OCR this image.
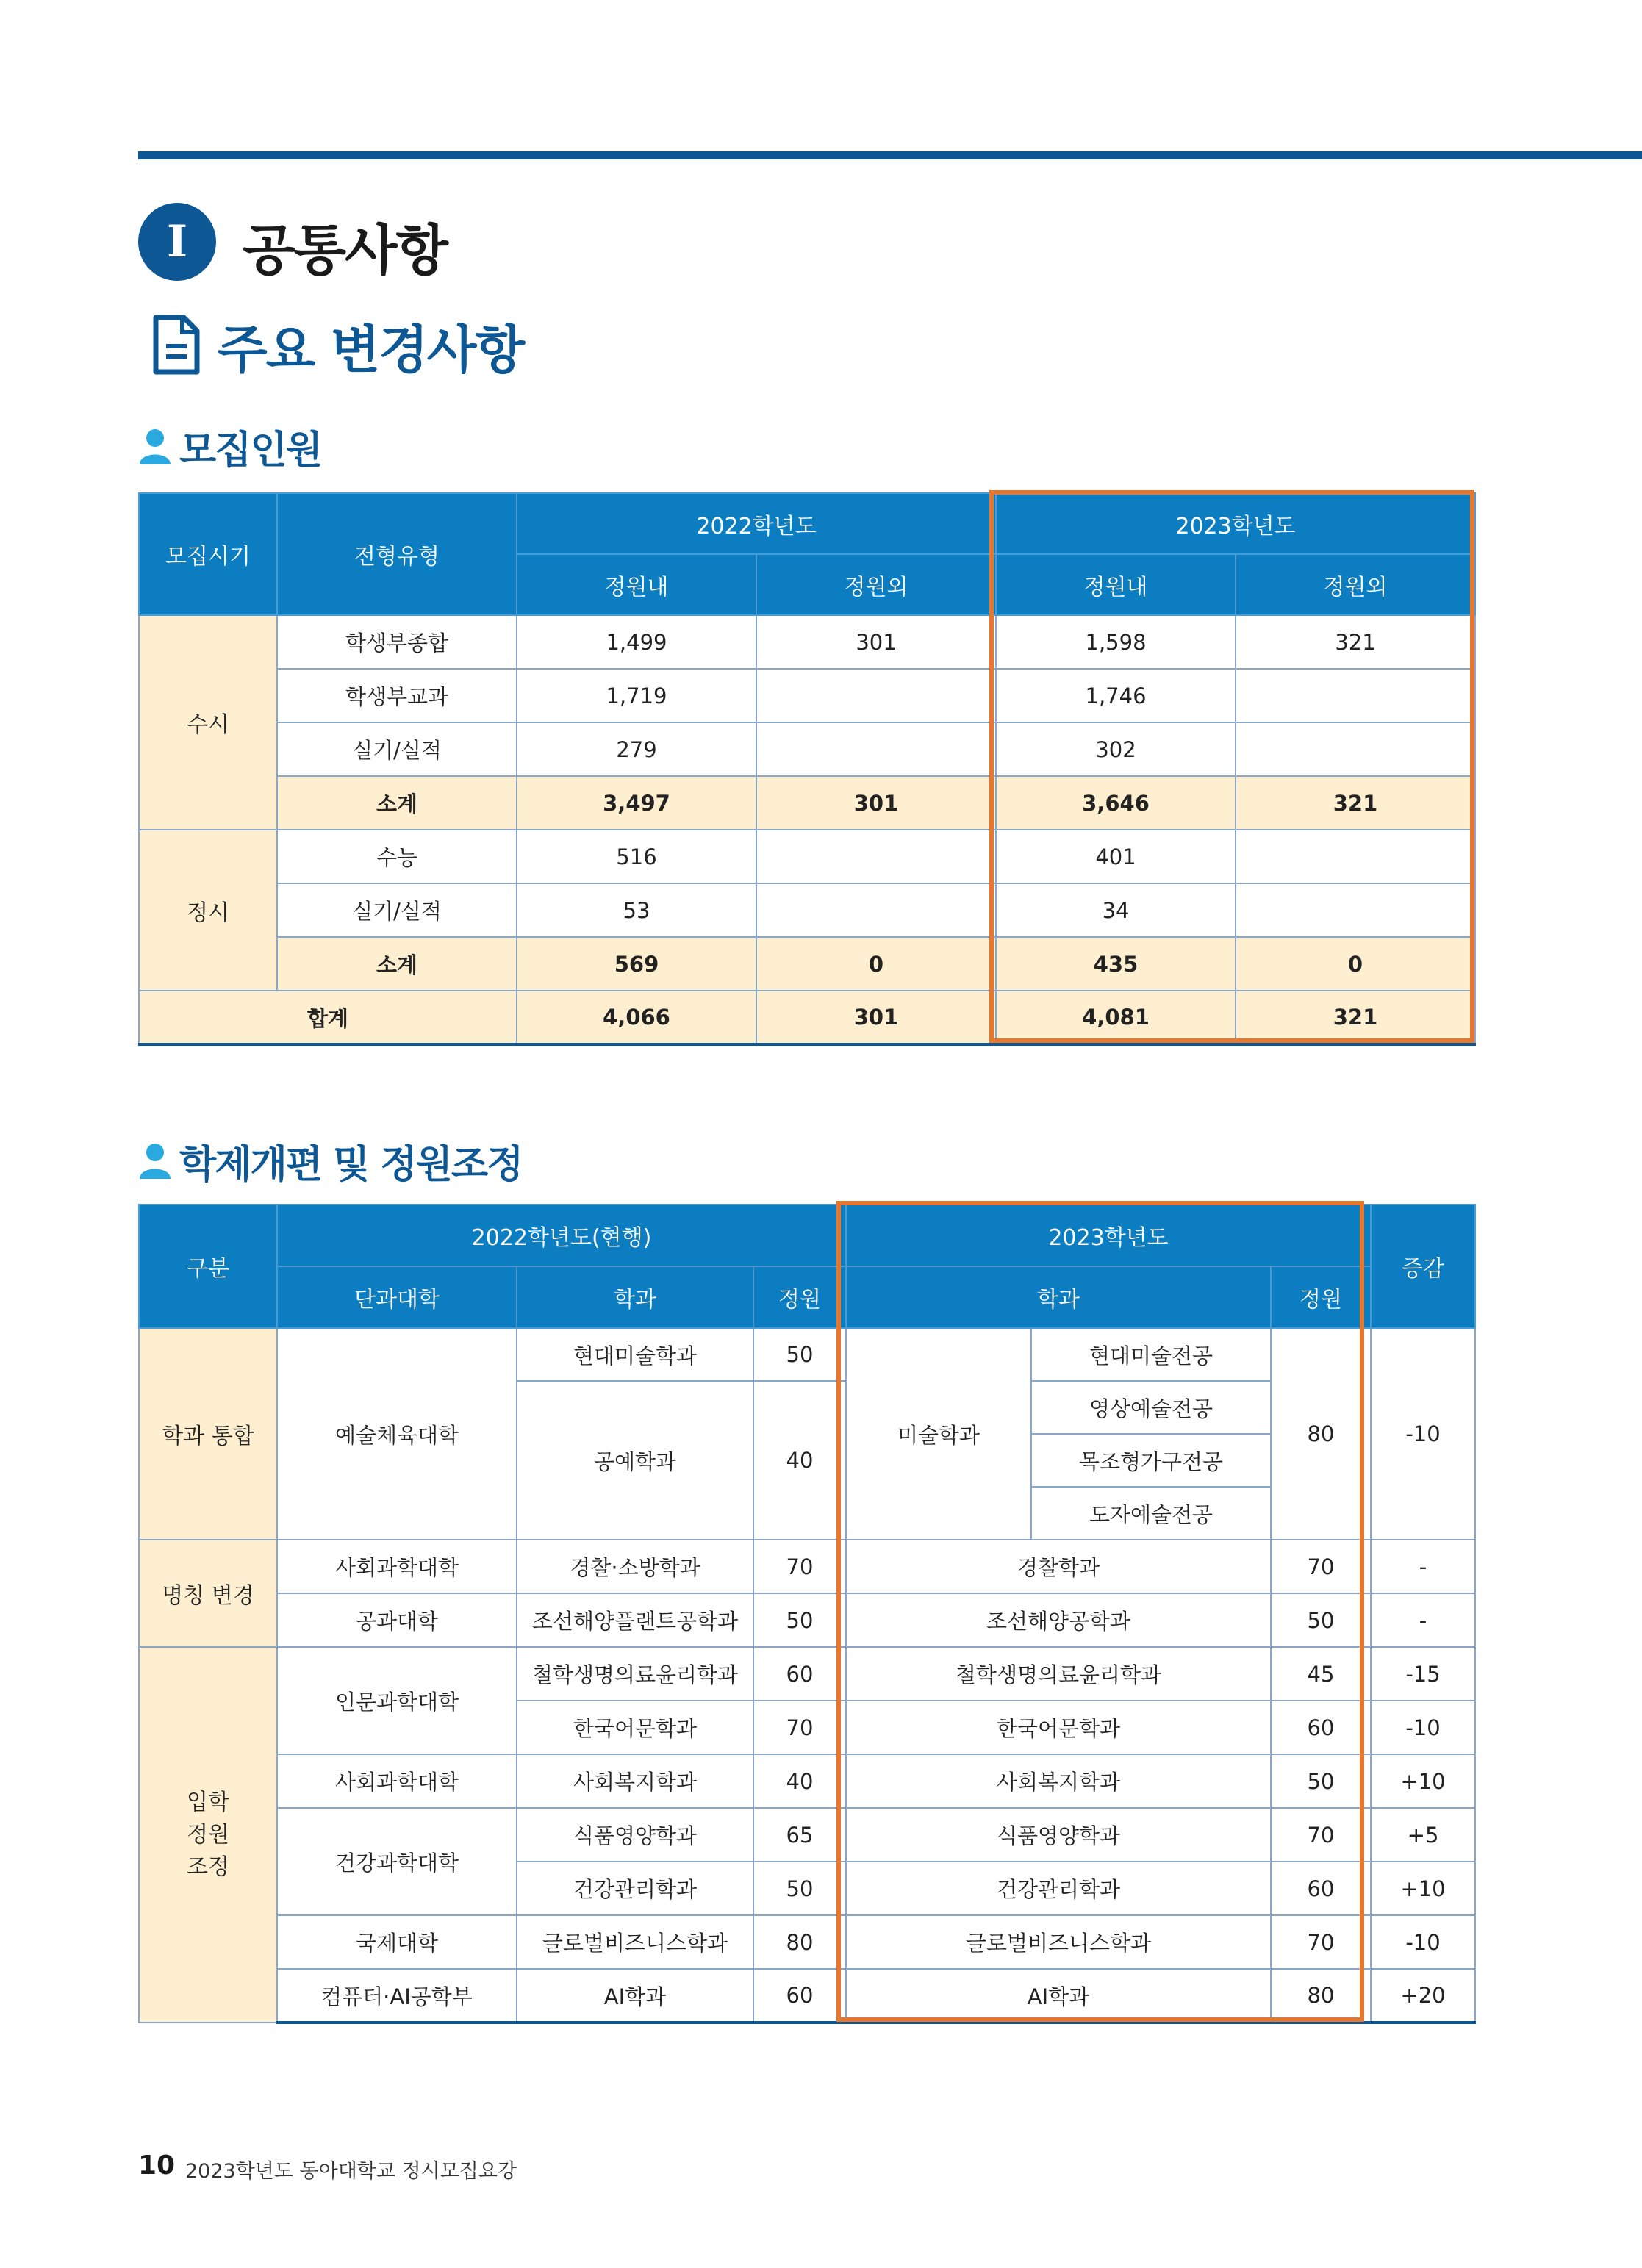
I	공통사항
주요 변경사항
모집인원
모집시기	전형유형	2022학년도		2023학년도	
		정원내	정원외	정원내	정원외
수시	학생부종합	1,499	301	1,598	321
	학생부교과	1,719		1,746	
	실기/실적	279		302	
	소계	3,497	301	3,646	321
정시	수능	516		401	
	실기/실적	53		34	
	소계	569	0	435	0
합계		4,066	301	4,081	321
학제개편 및 정원조정
구분	2022학년도(현행)			2023학년도			증감
	단과대학	학과	정원	학과		정원	
학과 통합	예술체육대학	현대미술학과	50	미술학과	현대미술전공	80	-10
		공예학과	40		영상예술전공		
					목조형가구전공		
					도자예술전공		
명칭 변경	사회과학대학	경찰·소방학과	70	경찰학과		70	-
	공과대학	조선해양플랜트공학과	50	조선해양공학과		50	-
입학
정원
조정	인문과학대학	철학생명의료윤리학과	60	철학생명의료윤리학과		45	-15
		한국어문학과	70	한국어문학과		60	-10
	사회과학대학	사회복지학과	40	사회복지학과		50	+10
	건강과학대학	식품영양학과	65	식품영양학과		70	+5
		건강관리학과	50	건강관리학과		60	+10
	국제대학	글로벌비즈니스학과	80	글로벌비즈니스학과		70	-10
	컴퓨터·AI공학부	AI학과	60	AI학과		80	+20
10 2023학년도 동아대학교 정시모집요강
